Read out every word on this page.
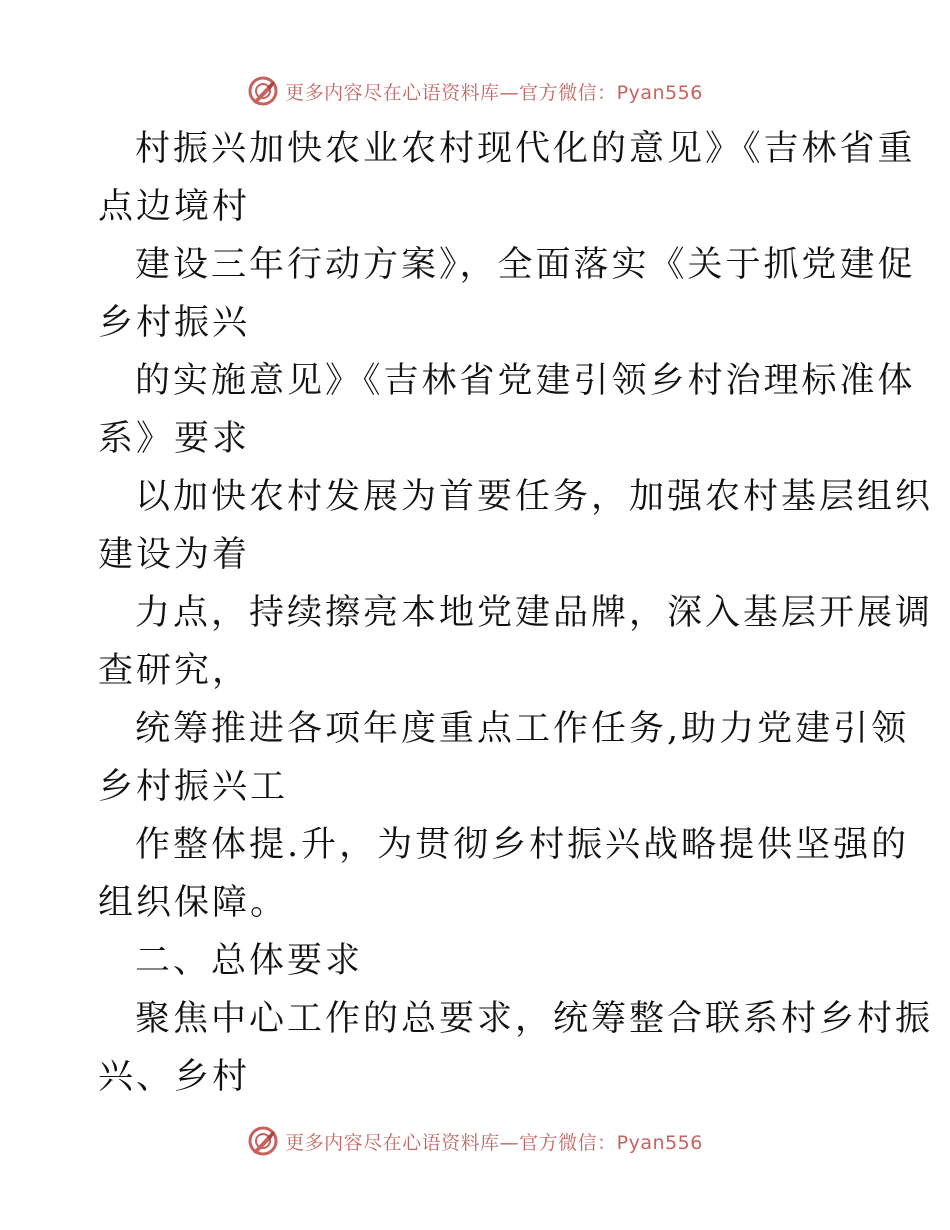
更多内容尽在心语资料库—官方微信：Pyan556

村振兴加快农业农村现代化的意见》《吉林省重

点边境村

建设三年行动方案》，全面落实《关于抓党建促

乡村振兴

的实施意见》《吉林省党建引领乡村治理标准体

系》要求

以加快农村发展为首要任务，加强农村基层组织

建设为着

力点，持续擦亮本地党建品牌，深入基层开展调

查研究，

统筹推进各项年度重点工作任务,助力党建引领

乡村振兴工

作整体提.升，为贯彻乡村振兴战略提供坚强的

组织保障。

二、总体要求

聚焦中心工作的总要求，统筹整合联系村乡村振

兴、乡村

更多内容尽在心语资料库—官方微信：Pyan556
